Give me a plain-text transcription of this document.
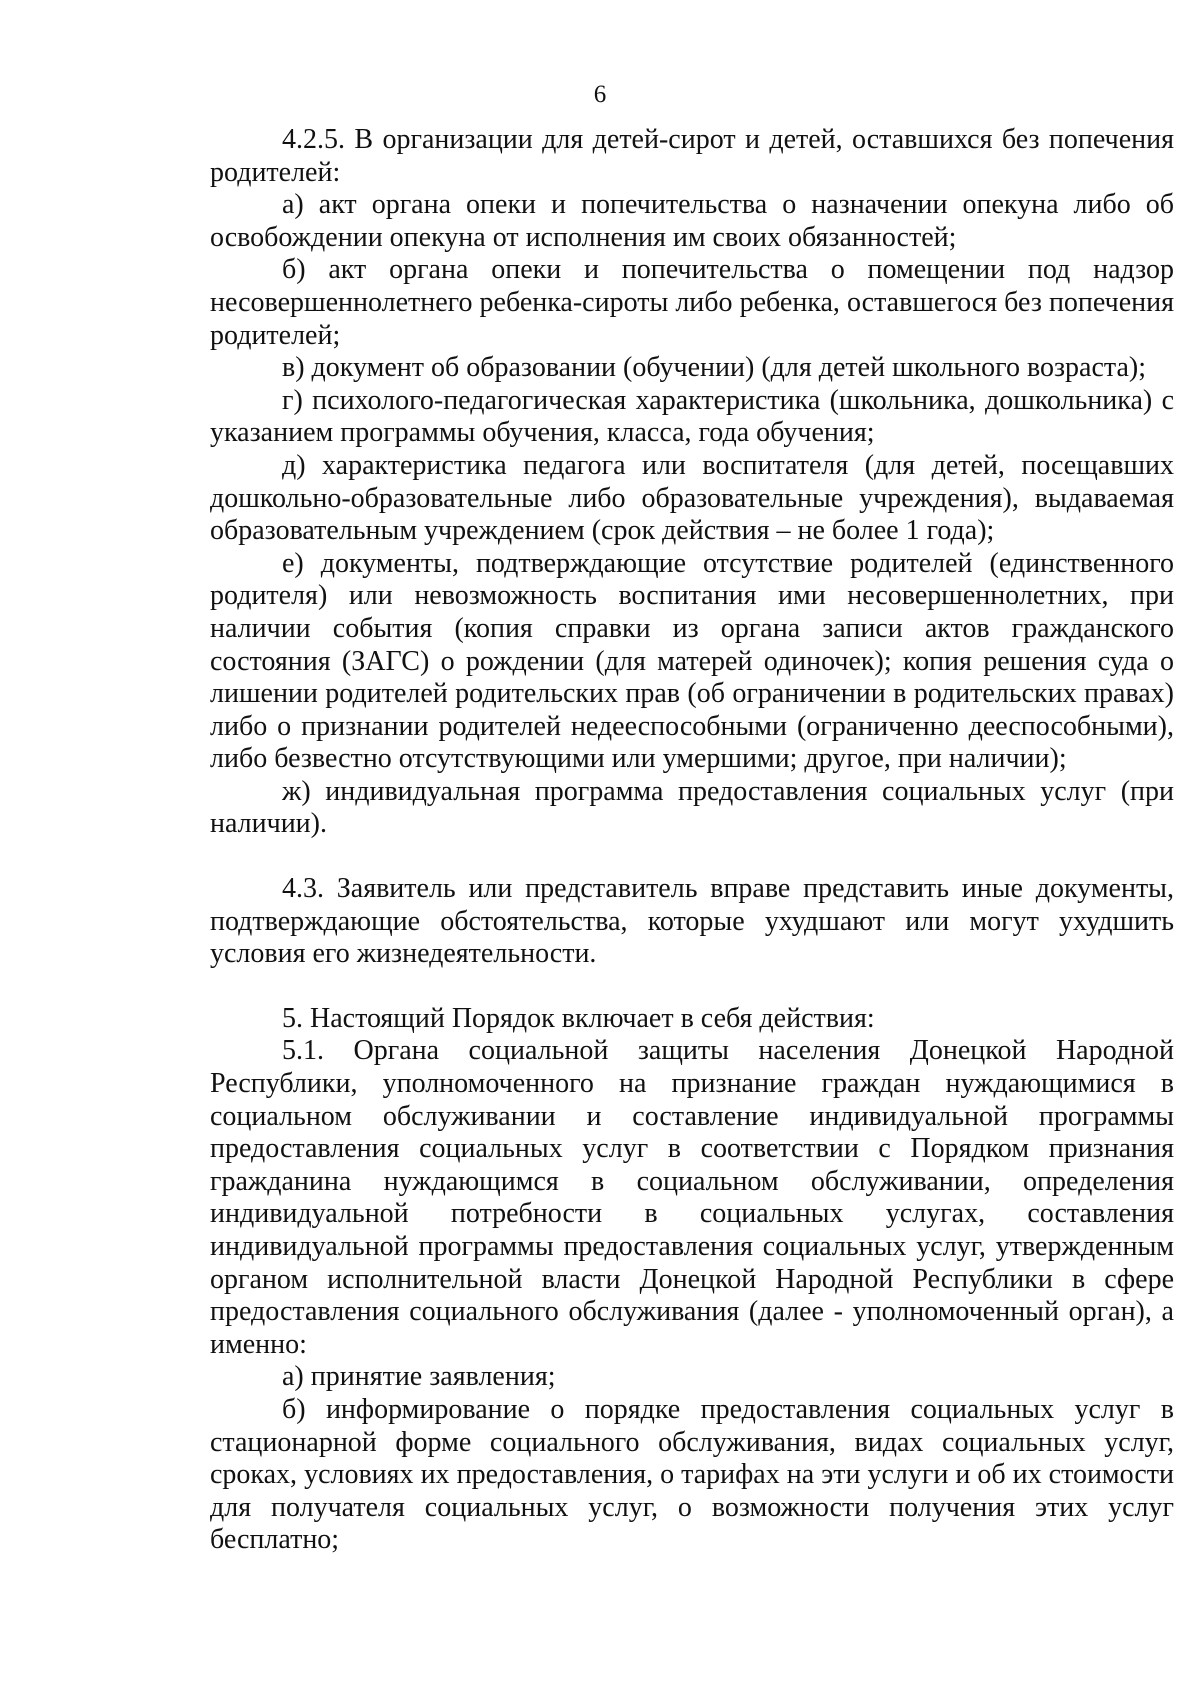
6

4.2.5. В организации для детей-сирот и детей, оставшихся без попечения родителей:

а) акт органа опеки и попечительства о назначении опекуна либо об освобождении опекуна от исполнения им своих обязанностей;

б) акт органа опеки и попечительства о помещении под надзор несовершеннолетнего ребенка-сироты либо ребенка, оставшегося без попечения родителей;

в) документ об образовании (обучении) (для детей школьного возраста);

г) психолого-педагогическая характеристика (школьника, дошкольника) с указанием программы обучения, класса, года обучения;

д) характеристика педагога или воспитателя (для детей, посещавших дошкольно-образовательные либо образовательные учреждения), выдаваемая образовательным учреждением (срок действия – не более 1 года);

е) документы, подтверждающие отсутствие родителей (единственного родителя) или невозможность воспитания ими несовершеннолетних, при наличии события (копия справки из органа записи актов гражданского состояния (ЗАГС) о рождении (для матерей одиночек); копия решения суда о лишении родителей родительских прав (об ограничении в родительских правах) либо о признании родителей недееспособными (ограниченно дееспособными), либо безвестно отсутствующими или умершими; другое, при наличии);

ж) индивидуальная программа предоставления социальных услуг (при наличии).

4.3. Заявитель или представитель вправе представить иные документы, подтверждающие обстоятельства, которые ухудшают или могут ухудшить условия его жизнедеятельности.

5. Настоящий Порядок включает в себя действия:

5.1. Органа социальной защиты населения Донецкой Народной Республики, уполномоченного на признание граждан нуждающимися в социальном обслуживании и составление индивидуальной программы предоставления социальных услуг в соответствии с Порядком признания гражданина нуждающимся в социальном обслуживании, определения индивидуальной потребности в социальных услугах, составления индивидуальной программы предоставления социальных услуг, утвержденным органом исполнительной власти Донецкой Народной Республики в сфере предоставления социального обслуживания (далее - уполномоченный орган), а именно:

а) принятие заявления;

б) информирование о порядке предоставления социальных услуг в стационарной форме социального обслуживания, видах социальных услуг, сроках, условиях их предоставления, о тарифах на эти услуги и об их стоимости для получателя социальных услуг, о возможности получения этих услуг бесплатно;
